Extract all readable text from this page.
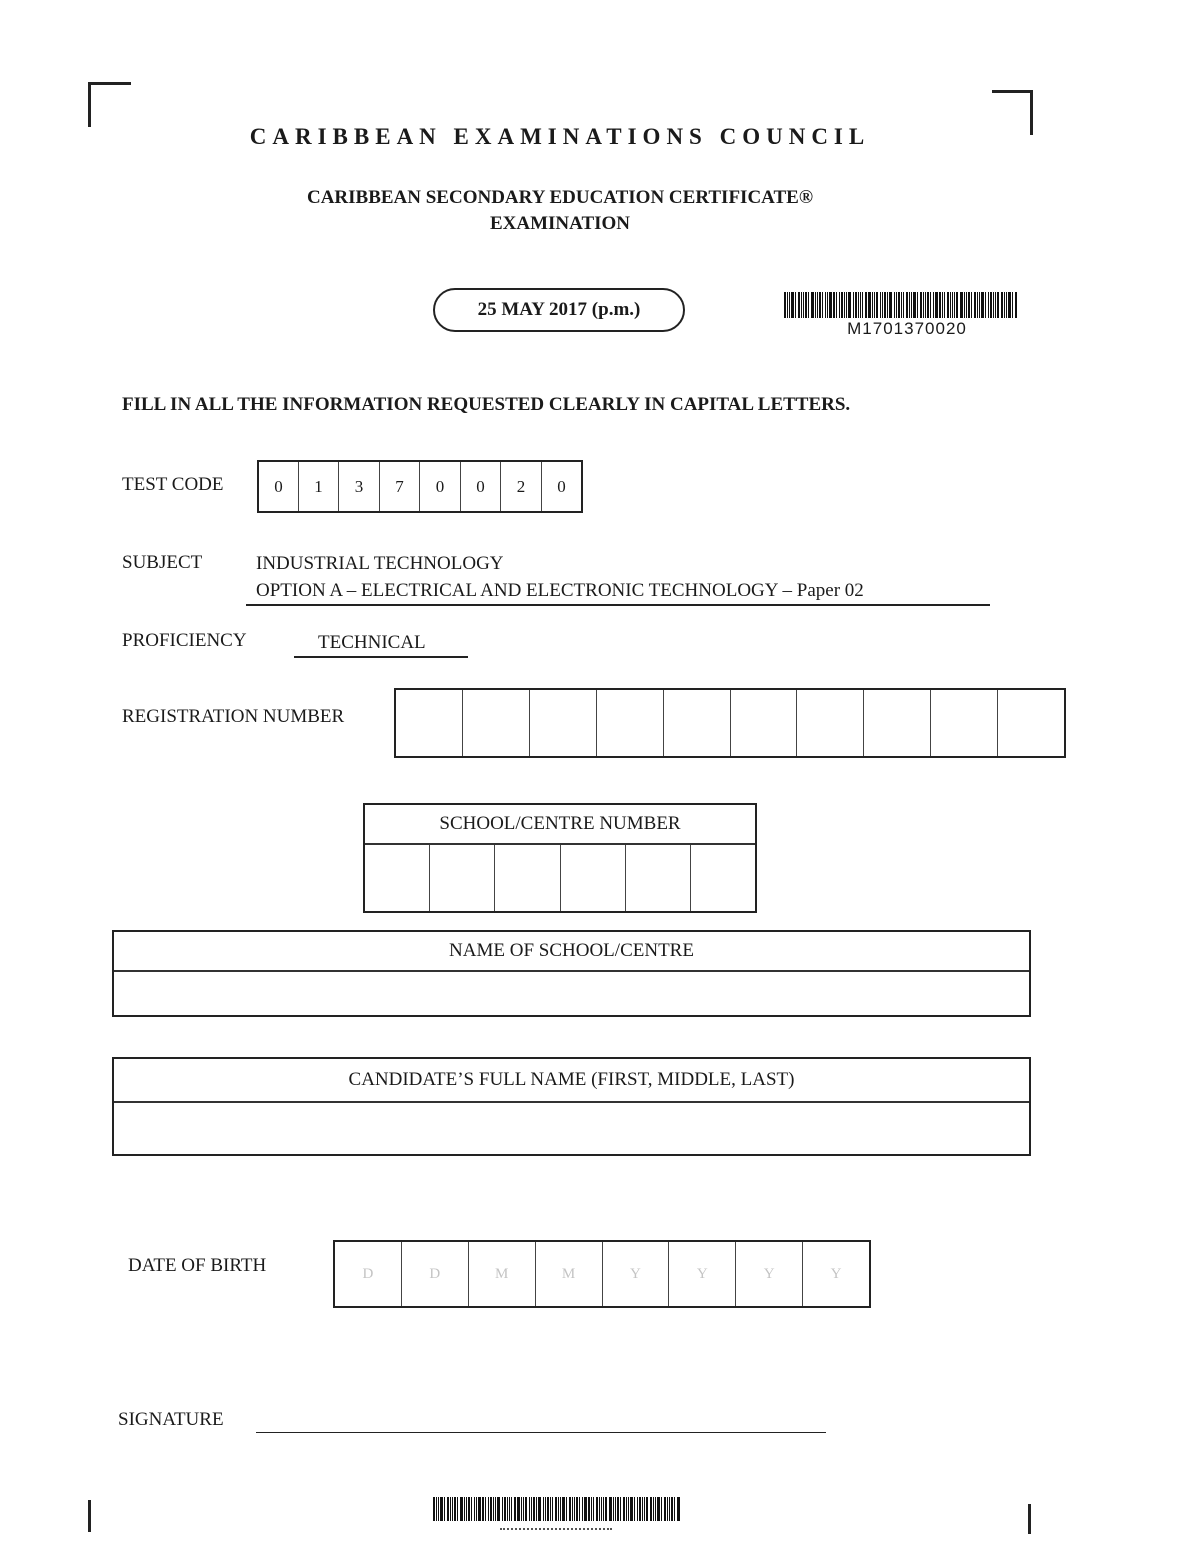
CARIBBEAN EXAMINATIONS COUNCIL
CARIBBEAN SECONDARY EDUCATION CERTIFICATE®
EXAMINATION
25 MAY 2017 (p.m.)
M1701370020
FILL IN ALL THE INFORMATION REQUESTED CLEARLY IN CAPITAL LETTERS.
TEST CODE	0	1	3	7	0	0	2	0
SUBJECT	INDUSTRIAL TECHNOLOGY
OPTION A – ELECTRICAL AND ELECTRONIC TECHNOLOGY – Paper 02
PROFICIENCY	TECHNICAL
REGISTRATION NUMBER
SCHOOL/CENTRE NUMBER
NAME OF SCHOOL/CENTRE
CANDIDATE’S FULL NAME (FIRST, MIDDLE, LAST)
DATE OF BIRTH	D	D	M	M	Y	Y	Y	Y
SIGNATURE
